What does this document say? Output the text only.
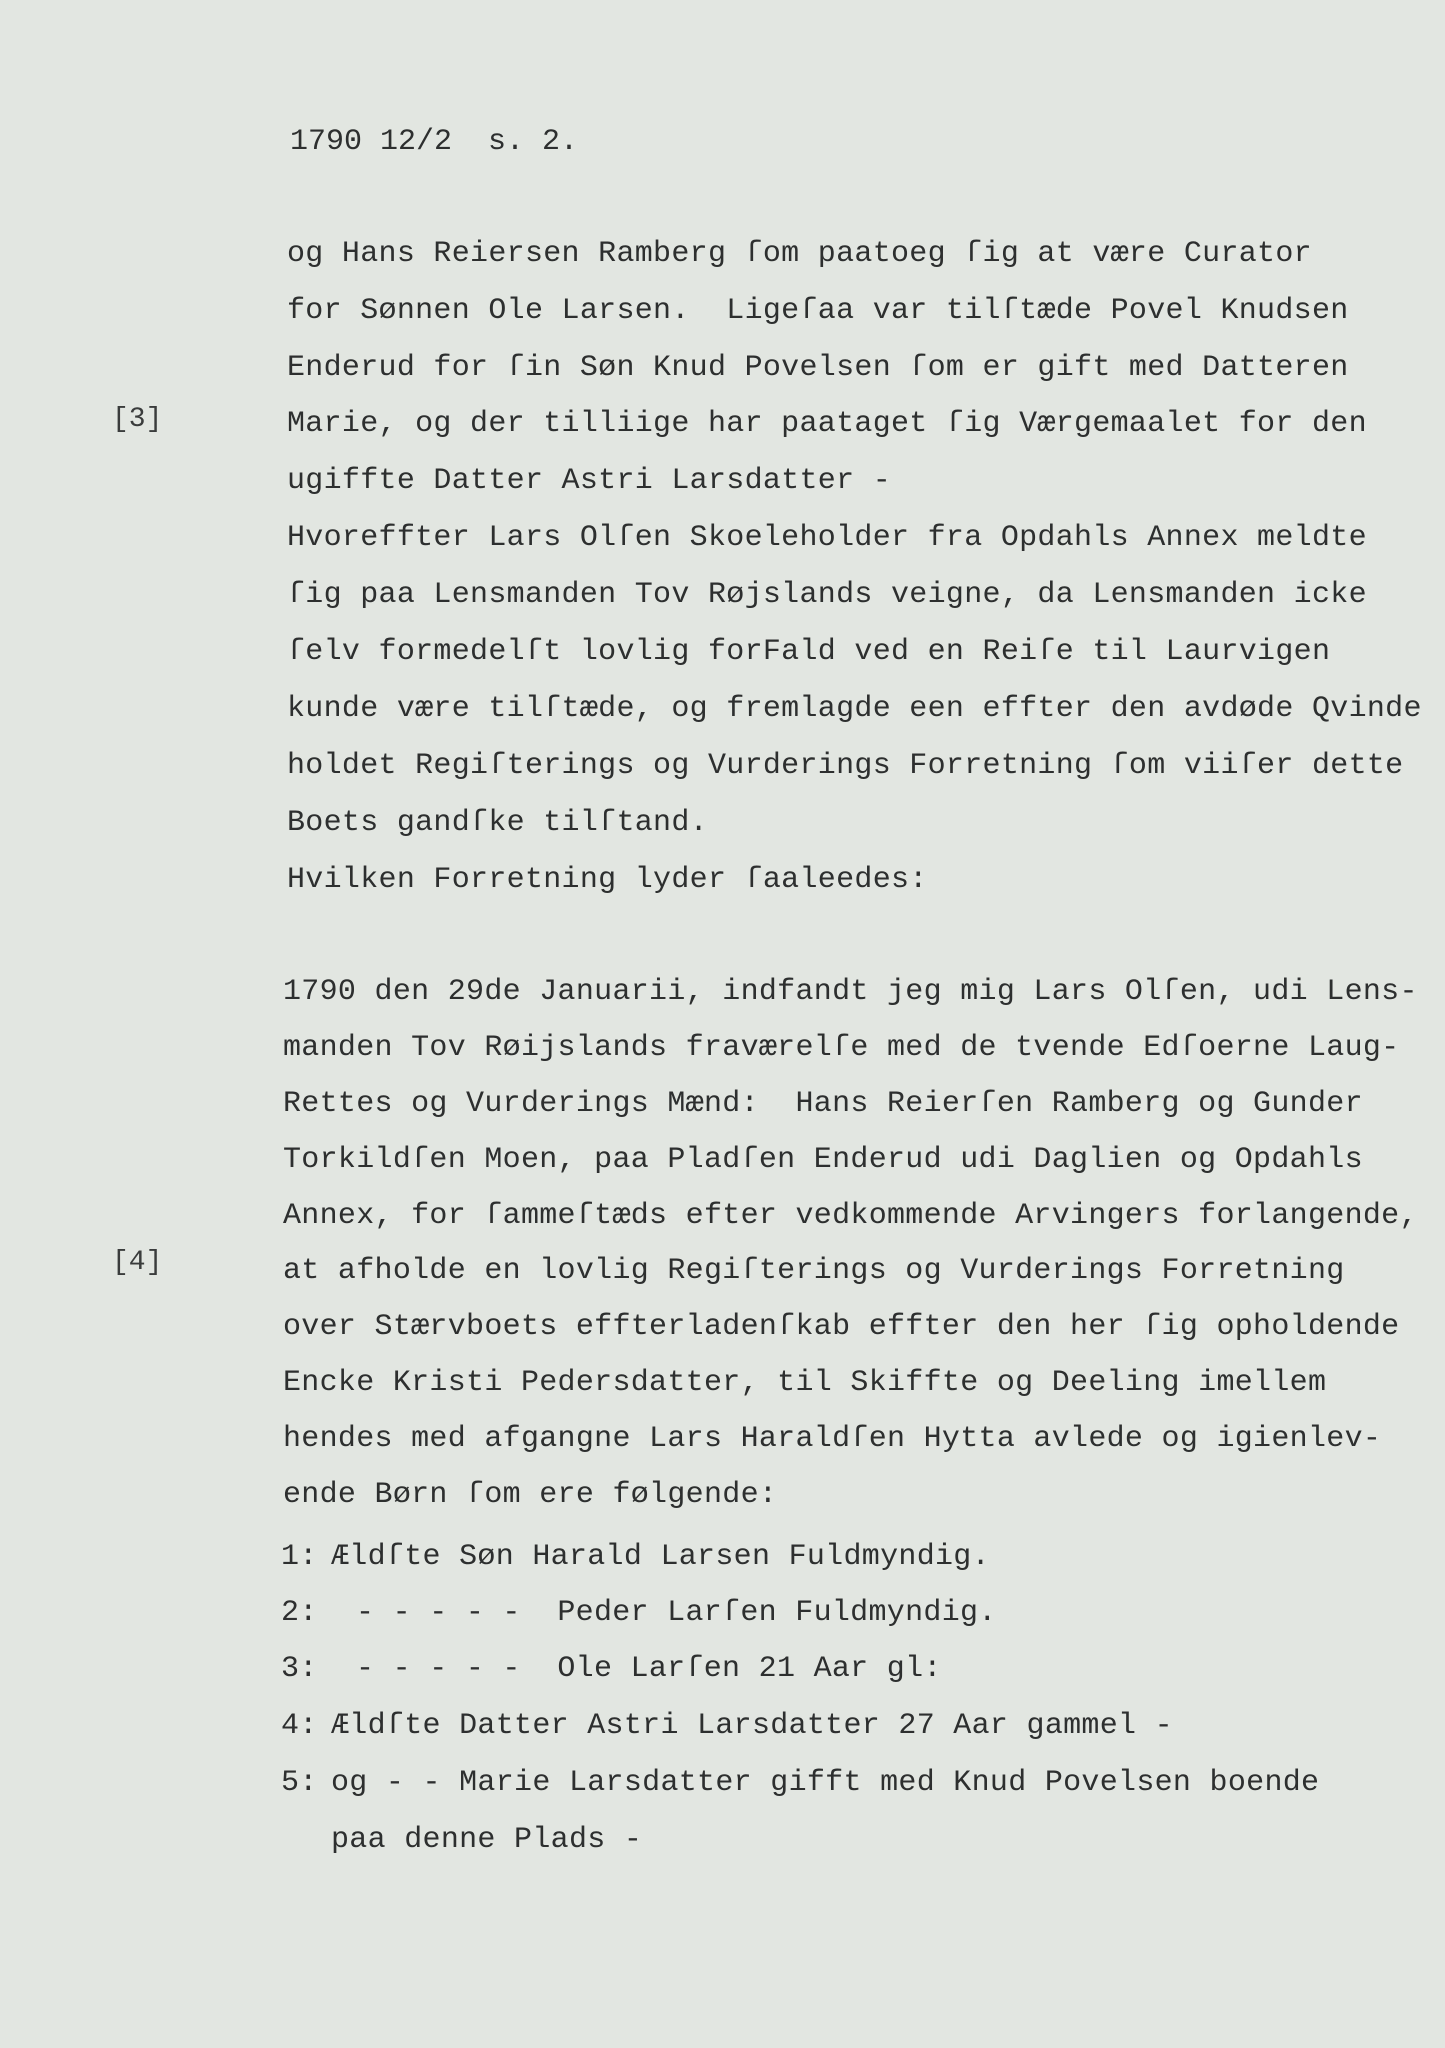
1790 12/2  s. 2.
[3]
[4]
og Hans Reiersen Ramberg ſom paatoeg ſig at være Curator
for Sønnen Ole Larsen.  Ligeſaa var tilſtæde Povel Knudsen
Enderud for ſin Søn Knud Povelsen ſom er gift med Datteren
Marie, og der tilliige har paataget ſig Værgemaalet for den
ugiffte Datter Astri Larsdatter -
Hvoreffter Lars Olſen Skoeleholder fra Opdahls Annex meldte
ſig paa Lensmanden Tov Røjslands veigne, da Lensmanden icke
ſelv formedelſt lovlig forFald ved en Reiſe til Laurvigen
kunde være tilſtæde, og fremlagde een effter den avdøde Qvinde
holdet Regiſterings og Vurderings Forretning ſom viiſer dette
Boets gandſke tilſtand.
Hvilken Forretning lyder ſaaleedes:
1790 den 29de Januarii, indfandt jeg mig Lars Olſen, udi Lens-
manden Tov Røijslands fraværelſe med de tvende Edſoerne Laug-
Rettes og Vurderings Mænd:  Hans Reierſen Ramberg og Gunder
Torkildſen Moen, paa Pladſen Enderud udi Daglien og Opdahls
Annex, for ſammeſtæds efter vedkommende Arvingers forlangende,
at afholde en lovlig Regiſterings og Vurderings Forretning
over Stærvboets effterladenſkab effter den her ſig opholdende
Encke Kristi Pedersdatter, til Skiffte og Deeling imellem
hendes med afgangne Lars Haraldſen Hytta avlede og igienlev-
ende Børn ſom ere følgende:
1: Ældſte Søn Harald Larsen Fuldmyndig.
2: - - - - -  Peder Larſen Fuldmyndig.
3: - - - - -  Ole Larſen 21 Aar gl:
4: Ældſte Datter Astri Larsdatter 27 Aar gammel -
5: og - - Marie Larsdatter gifft med Knud Povelsen boende
paa denne Plads -
